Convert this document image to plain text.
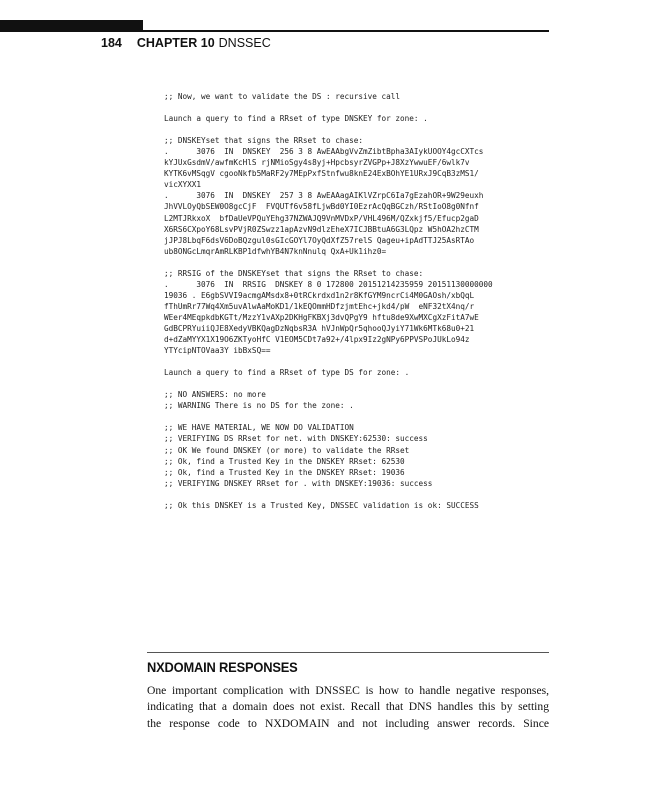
184 CHAPTER 10 DNSSEC
;; Now, we want to validate the DS : recursive call
Launch a query to find a RRset of type DNSKEY for zone: .
;; DNSKEYset that signs the RRset to chase:
.      3076  IN  DNSKEY  256 3 8 AwEAAbgVvZmZibtBpha3AIykUOOY4gcCXTcs
kYJUxGsdmV/awfmKcHlS rjNMioSgy4s8yj+HpcbsyrZVGPp+J8XzYwwuEF/6wlk7v
KYTK6vMSqgV cgooNkfb5MaRF2y7MEpPxfStnfwu8knE24ExBOhYE1URxJ9CqB3zMS1/
vicXYXX1
.      3076  IN  DNSKEY  257 3 8 AwEAAagAIKlVZrpC6Ia7gEzahOR+9W29euxh
JhVVLOyQbSEW0O8gcCjF  FVQUTf6v58fLjwBd0YI0EzrAcQqBGCzh/RStIoO8g0Nfnf
L2MTJRkxoX  bfDaUeVPQuYEhg37NZWAJQ9VnMVDxP/VHL496M/QZxkjf5/Efucp2gaD
X6RS6CXpoY68LsvPVjR0ZSwzz1apAzvN9dlzEheX7ICJBBtuA6G3LQpz W5hOA2hzCTM
jJPJ8LbqF6dsV6DoBQzgul0sGIcGOYl7OyQdXfZ57relS Qageu+ipAdTTJ25AsRTAo
ub8ONGcLmqrAmRLKBP1dfwhYB4N7knNnulq QxA+Uk1ihz0=
;; RRSIG of the DNSKEYset that signs the RRset to chase:
.      3076  IN  RRSIG  DNSKEY 8 0 172800 20151214235959 20151130000000
19036 . E6gbSVVI9acmgAMsdx8+0tRCkrdxd1n2r8KfGYM9ncrCi4M0GAOsh/xbQqL
fThUmRr77Wq4Xm5uvAlwAaMoKD1/1kEQOmmHDfzjmtEhc+jkd4/pW  eNF32tX4nq/r
WEer4MEqpkdbKGTt/MzzY1vAXp2DKHgFKBXj3dvQPgY9 hftu8de9XwMXCgXzFitA7wE
GdBCPRYuiiQJE8XedyVBKQagDzNqbsR3A hVJnWpQr5qhooQJyiY71Wk6MTk68u0+21
d+dZaMYYX1X19O6ZKTyoHfC V1EOM5CDt7a92+/4lpx9Iz2gNPy6PPVSPoJUkLo94z
YTYcipNTOVaa3Y ibBxSQ==
Launch a query to find a RRset of type DS for zone: .
;; NO ANSWERS: no more
;; WARNING There is no DS for the zone: .
;; WE HAVE MATERIAL, WE NOW DO VALIDATION
;; VERIFYING DS RRset for net. with DNSKEY:62530: success
;; OK We found DNSKEY (or more) to validate the RRset
;; Ok, find a Trusted Key in the DNSKEY RRset: 62530
;; Ok, find a Trusted Key in the DNSKEY RRset: 19036
;; VERIFYING DNSKEY RRset for . with DNSKEY:19036: success
;; Ok this DNSKEY is a Trusted Key, DNSSEC validation is ok: SUCCESS
NXDOMAIN RESPONSES
One important complication with DNSSEC is how to handle negative responses,
indicating that a domain does not exist. Recall that DNS handles this by setting
the response code to NXDOMAIN and not including answer records. Since
